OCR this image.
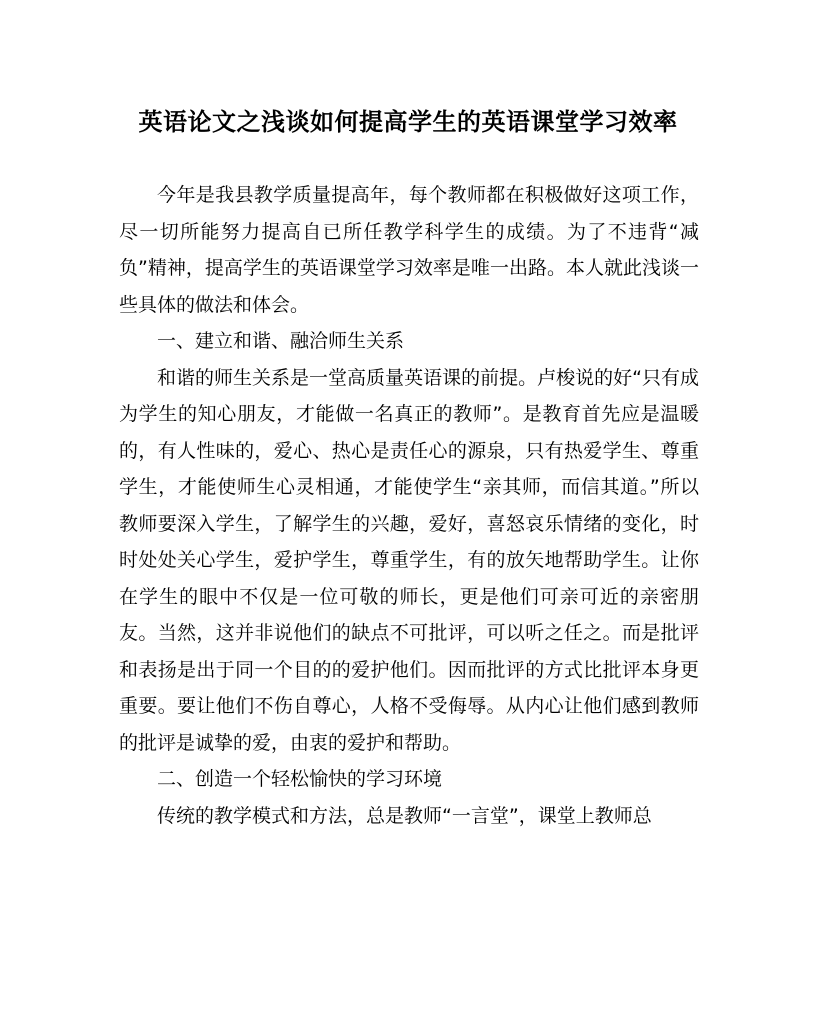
英语论文之浅谈如何提高学生的英语课堂学习效率

今年是我县教学质量提高年，每个教师都在积极做好这项工作，尽一切所能努力提高自已所任教学科学生的成绩。为了不违背“减负”精神，提高学生的英语课堂学习效率是唯一出路。本人就此浅谈一些具体的做法和体会。

一、建立和谐、融洽师生关系

和谐的师生关系是一堂高质量英语课的前提。卢梭说的好“只有成为学生的知心朋友，才能做一名真正的教师”。是教育首先应是温暖的，有人性味的，爱心、热心是责任心的源泉，只有热爱学生、尊重学生，才能使师生心灵相通，才能使学生“亲其师，而信其道。”所以教师要深入学生，了解学生的兴趣，爱好，喜怒哀乐情绪的变化，时时处处关心学生，爱护学生，尊重学生，有的放矢地帮助学生。让你在学生的眼中不仅是一位可敬的师长，更是他们可亲可近的亲密朋友。当然，这并非说他们的缺点不可批评，可以听之任之。而是批评和表扬是出于同一个目的的爱护他们。因而批评的方式比批评本身更重要。要让他们不伤自尊心，人格不受侮辱。从内心让他们感到教师的批评是诚挚的爱，由衷的爱护和帮助。

二、创造一个轻松愉快的学习环境

传统的教学模式和方法，总是教师“一言堂”，课堂上教师总
